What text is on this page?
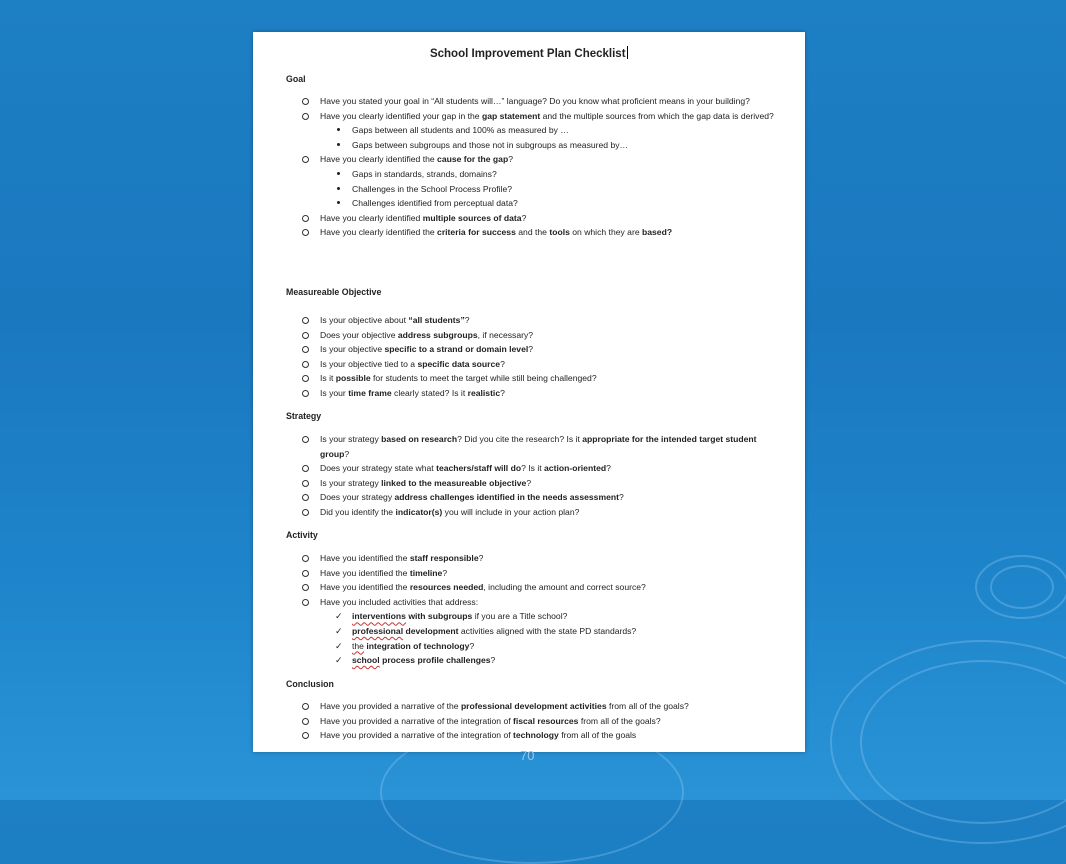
School Improvement Plan Checklist
Goal
Have you stated your goal in “All students will…” language? Do you know what proficient means in your building?
Have you clearly identified your gap in the gap statement and the multiple sources from which the gap data is derived?
Gaps between all students and 100% as measured by …
Gaps between subgroups and those not in subgroups as measured by…
Have you clearly identified the cause for the gap?
Gaps in standards, strands, domains?
Challenges in the School Process Profile?
Challenges identified from perceptual data?
Have you clearly identified multiple sources of data?
Have you clearly identified the criteria for success and the tools on which they are based?
Measureable Objective
Is your objective about “all students”?
Does your objective address subgroups, if necessary?
Is your objective specific to a strand or domain level?
Is your objective tied to a specific data source?
Is it possible for students to meet the target while still being challenged?
Is your time frame clearly stated? Is it realistic?
Strategy
Is your strategy based on research? Did you cite the research? Is it appropriate for the intended target student group?
Does your strategy state what teachers/staff will do? Is it action-oriented?
Is your strategy linked to the measureable objective?
Does your strategy address challenges identified in the needs assessment?
Did you identify the indicator(s) you will include in your action plan?
Activity
Have you identified the staff responsible?
Have you identified the timeline?
Have you identified the resources needed, including the amount and correct source?
Have you included activities that address:
✓ interventions with subgroups if you are a Title school?
✓ professional development activities aligned with the state PD standards?
✓ the integration of technology?
✓ school process profile challenges?
Conclusion
Have you provided a narrative of the professional development activities from all of the goals?
Have you provided a narrative of the integration of fiscal resources from all of the goals?
Have you provided a narrative of the integration of technology from all of the goals
70
